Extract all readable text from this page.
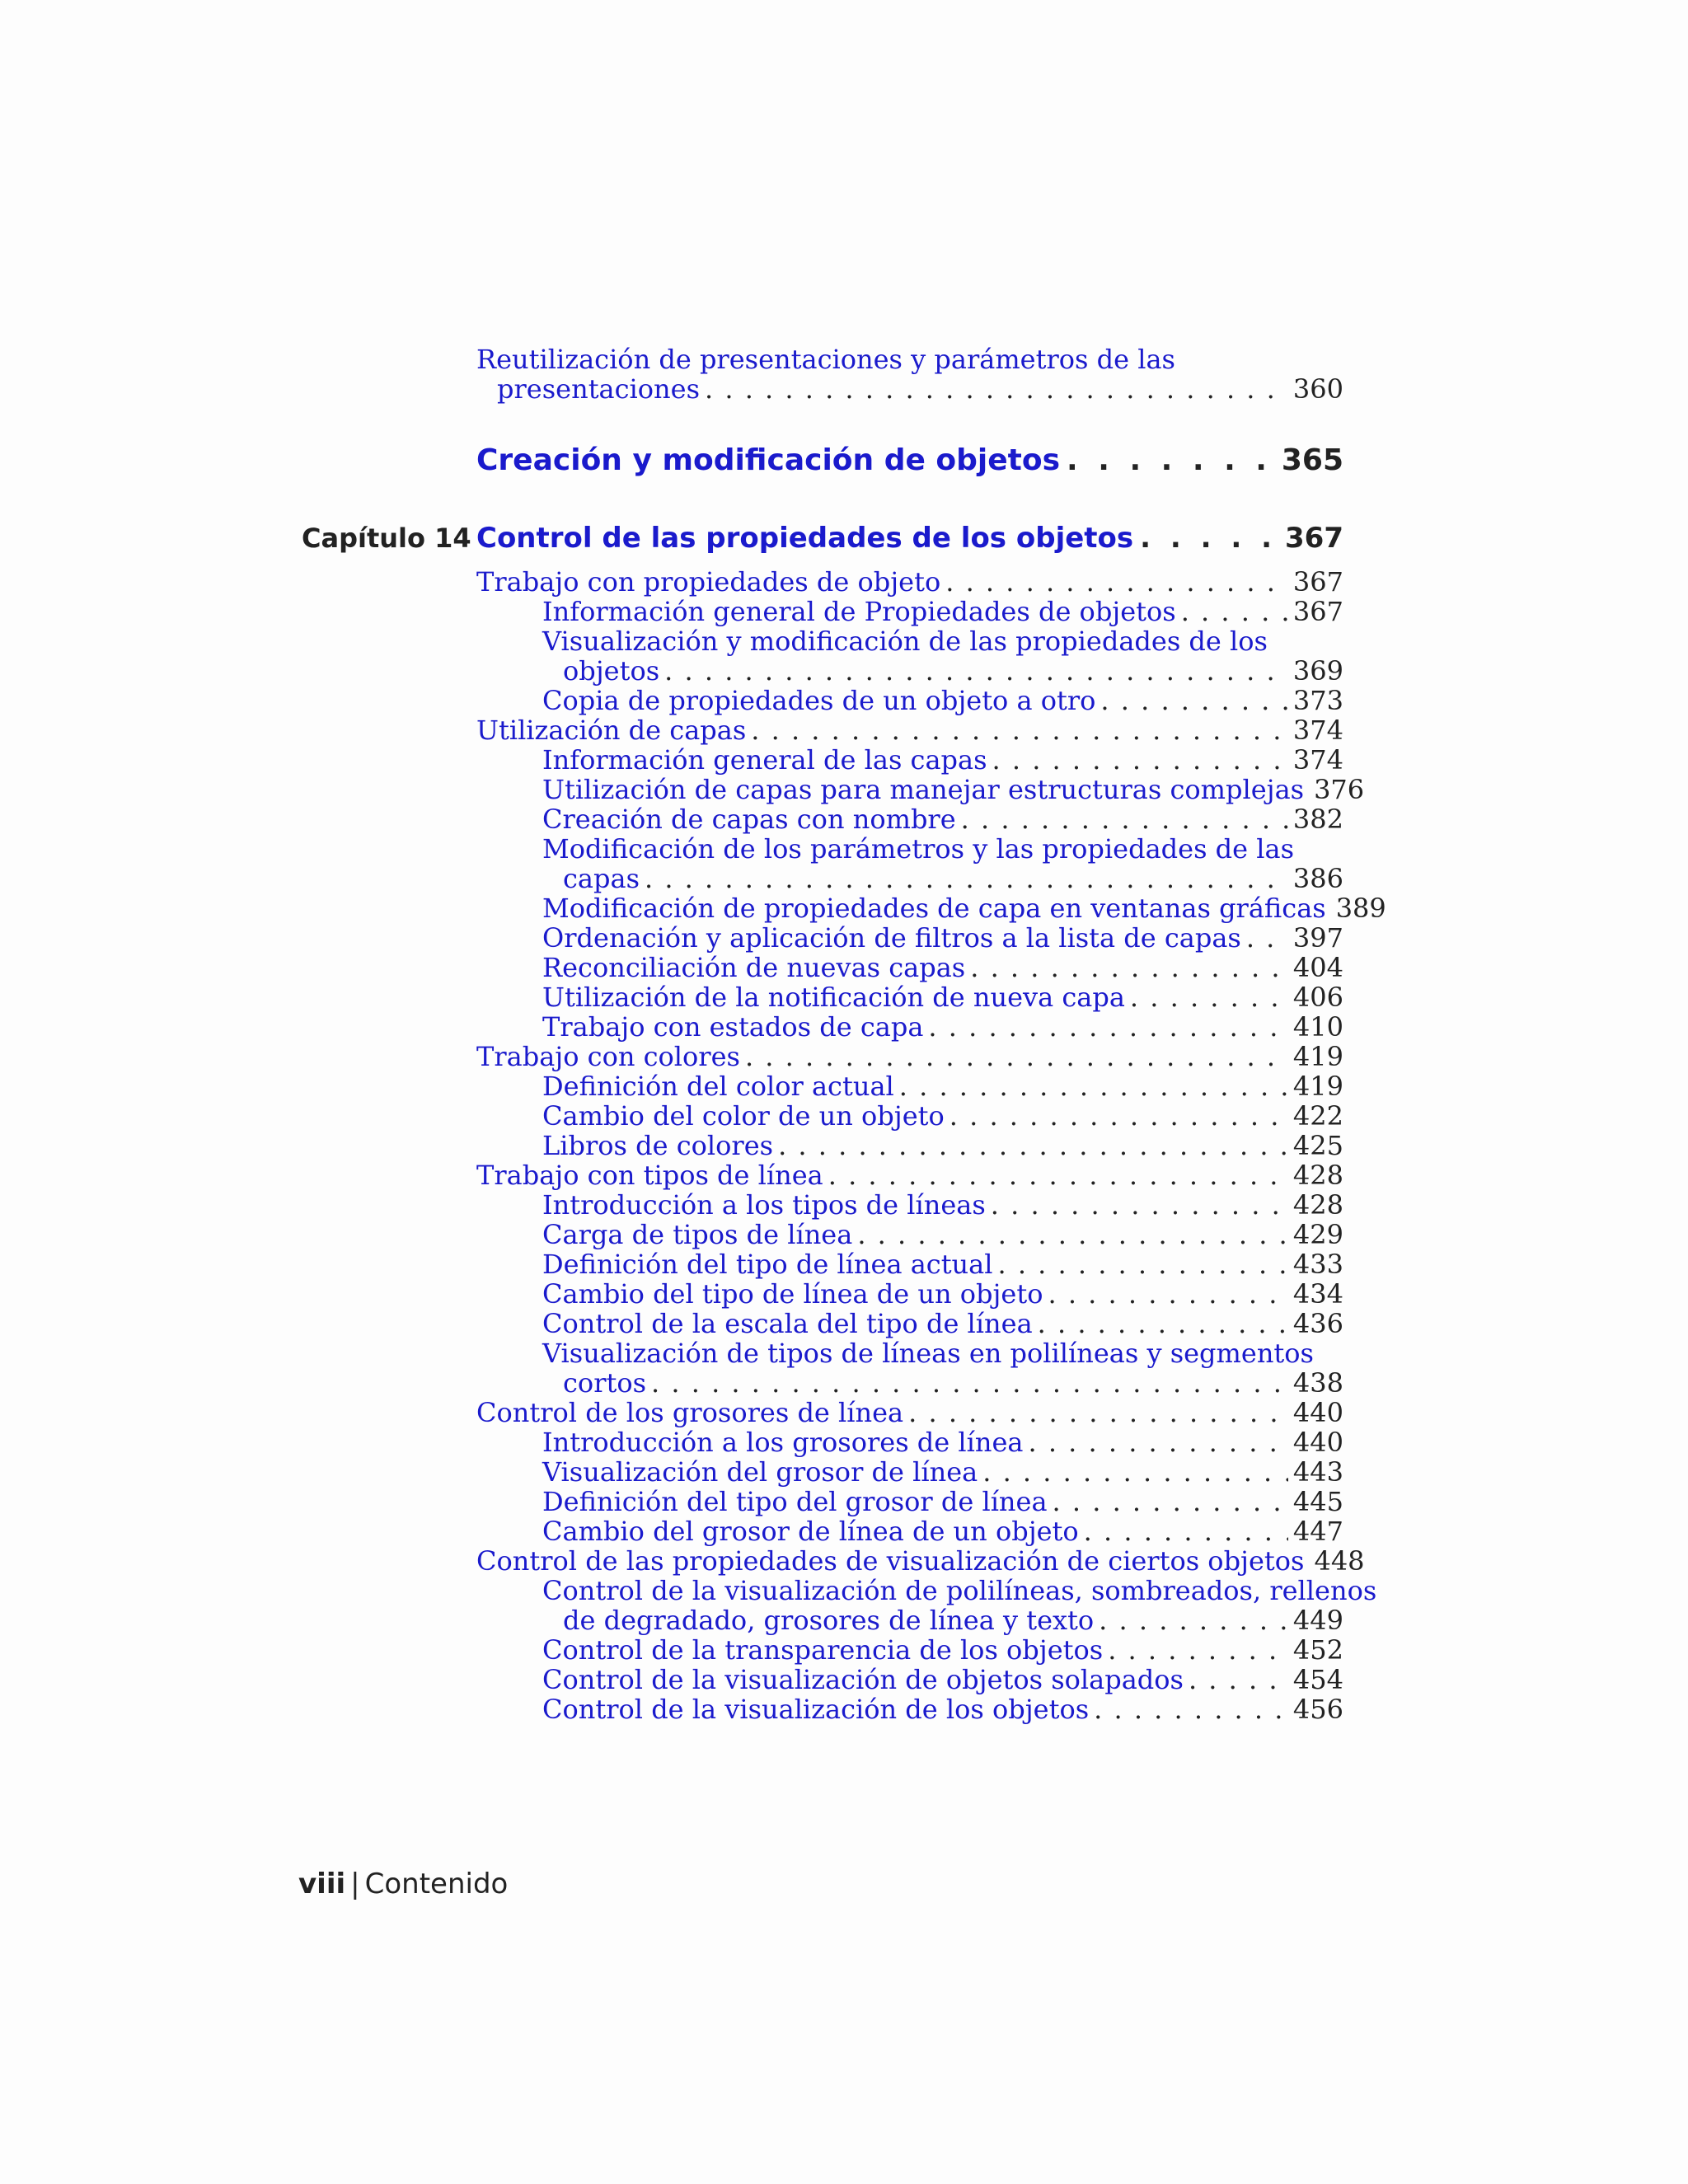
Reutilización de presentaciones y parámetros de las
presentaciones . . .	360
Creación y modificación de objetos . . .	365
Capítulo 14 Control de las propiedades de los objetos . . .	367
Trabajo con propiedades de objeto . . .	367
Información general de Propiedades de objetos . . .	367
Visualización y modificación de las propiedades de los
objetos . . .	369
Copia de propiedades de un objeto a otro . . .	373
Utilización de capas . . .	374
Información general de las capas . . .	374
Utilización de capas para manejar estructuras complejas 376
Creación de capas con nombre . . .	382
Modificación de los parámetros y las propiedades de las
capas . . .	386
Modificación de propiedades de capa en ventanas gráficas 389
Ordenación y aplicación de filtros a la lista de capas . . . 397
Reconciliación de nuevas capas . . .	404
Utilización de la notificación de nueva capa . . .	406
Trabajo con estados de capa . . .	410
Trabajo con colores . . .	419
Definición del color actual . . .	419
Cambio del color de un objeto . . .	422
Libros de colores . . .	425
Trabajo con tipos de línea . . .	428
Introducción a los tipos de líneas . . .	428
Carga de tipos de línea . . .	429
Definición del tipo de línea actual . . .	433
Cambio del tipo de línea de un objeto . . .	434
Control de la escala del tipo de línea . . .	436
Visualización de tipos de líneas en polilíneas y segmentos
cortos . . .	438
Control de los grosores de línea . . .	440
Introducción a los grosores de línea . . .	440
Visualización del grosor de línea . . .	443
Definición del tipo del grosor de línea . . .	445
Cambio del grosor de línea de un objeto . . .	447
Control de las propiedades de visualización de ciertos objetos 448
Control de la visualización de polilíneas, sombreados, rellenos
de degradado, grosores de línea y texto . . .	449
Control de la transparencia de los objetos . . .	452
Control de la visualización de objetos solapados . . .	454
Control de la visualización de los objetos . . .	456
viii | Contenido
